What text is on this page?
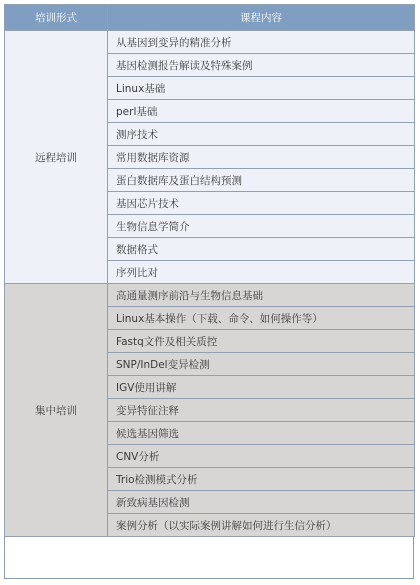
培训形式	课程内容
远程培训	从基因到变异的精准分析
	基因检测报告解读及特殊案例
	Linux基础
	perl基础
	测序技术
	常用数据库资源
	蛋白数据库及蛋白结构预测
	基因芯片技术
	生物信息学简介
	数据格式
	序列比对
集中培训	高通量测序前沿与生物信息基础
	Linux基本操作（下载、命令、如何操作等）
	Fastq文件及相关质控
	SNP/InDel变异检测
	IGV使用讲解
	变异特征注释
	候选基因筛选
	CNV分析
	Trio检测模式分析
	新致病基因检测
	案例分析（以实际案例讲解如何进行生信分析）
